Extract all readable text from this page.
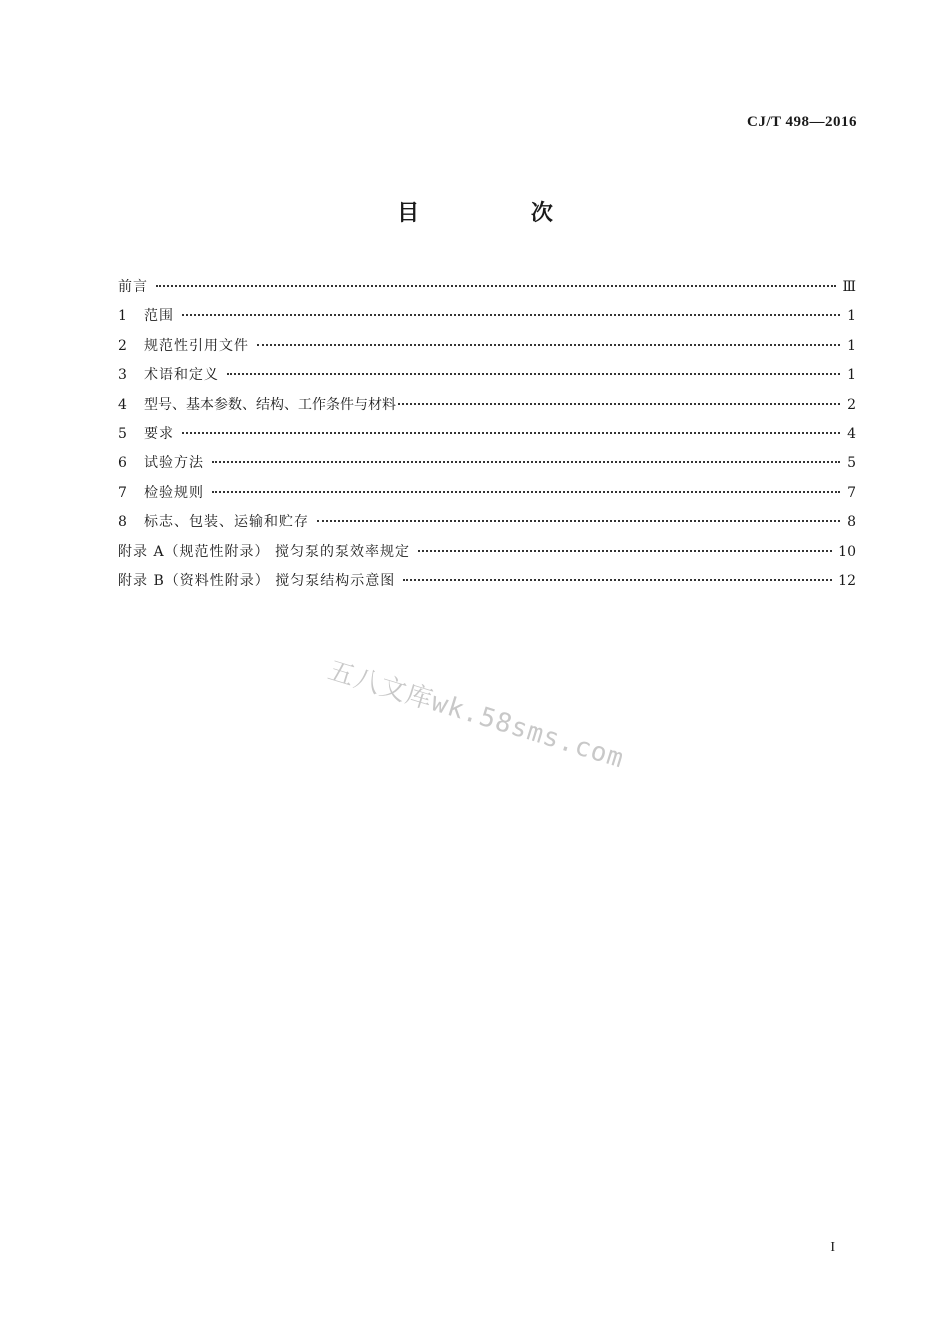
CJ/T 498—2016
目 次
前言	Ⅲ
1	范围	1
2	规范性引用文件	1
3	术语和定义	1
4	型号、基本参数、结构、工作条件与材料	2
5	要求	4
6	试验方法	5
7	检验规则	7
8	标志、包装、运输和贮存	8
附录 A（规范性附录） 搅匀泵的泵效率规定	10
附录 B（资料性附录） 搅匀泵结构示意图	12
五八文库wk.58sms.com
I
